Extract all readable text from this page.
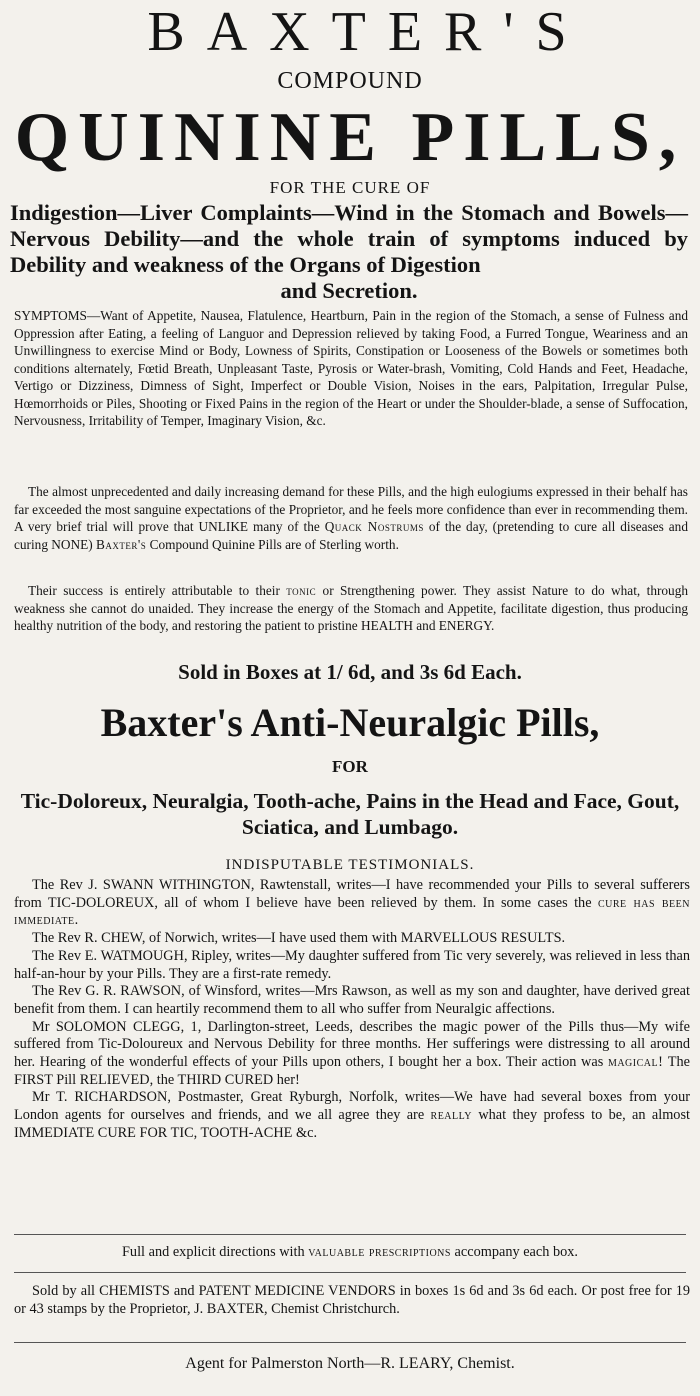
BAXTER'S
COMPOUND
QUININE PILLS,
FOR THE CURE OF
Indigestion—Liver Complaints—Wind in the Stomach and Bowels—Nervous Debility—and the whole train of symptoms induced by Debility and weakness of the Organs of Digestion
and Secretion.
SYMPTOMS—Want of Appetite, Nausea, Flatulence, Heartburn, Pain in the region of the Stomach, a sense of Fulness and Oppression after Eating, a feeling of Languor and Depression relieved by taking Food, a Furred Tongue, Weariness and an Unwillingness to exercise Mind or Body, Lowness of Spirits, Constipation or Looseness of the Bowels or sometimes both conditions alternately, Fœtid Breath, Unpleasant Taste, Pyrosis or Water-brash, Vomiting, Cold Hands and Feet, Headache, Vertigo or Dizziness, Dimness of Sight, Imperfect or Double Vision, Noises in the ears, Palpitation, Irregular Pulse, Hœmorrhoids or Piles, Shooting or Fixed Pains in the region of the Heart or under the Shoulder-blade, a sense of Suffocation, Nervousness, Irritability of Temper, Imaginary Vision, &c.
The almost unprecedented and daily increasing demand for these Pills, and the high eulogiums expressed in their behalf has far exceeded the most sanguine expectations of the Proprietor, and he feels more confidence than ever in recommending them. A very brief trial will prove that UNLIKE many of the Quack Nostrums of the day, (pretending to cure all diseases and curing NONE) Baxter's Compound Quinine Pills are of Sterling worth.
Their success is entirely attributable to their tonic or Strengthening power. They assist Nature to do what, through weakness she cannot do unaided. They increase the energy of the Stomach and Appetite, facilitate digestion, thus producing healthy nutrition of the body, and restoring the patient to pristine HEALTH and ENERGY.
Sold in Boxes at 1/ 6d, and 3s 6d Each.
Baxter's Anti-Neuralgic Pills,
FOR
Tic-Doloreux, Neuralgia, Tooth-ache, Pains in the Head and Face, Gout, Sciatica, and Lumbago.
INDISPUTABLE TESTIMONIALS.

The Rev J. SWANN WITHINGTON, Rawtenstall, writes—I have recommended your Pills to several sufferers from TIC-DOLOREUX, all of whom I believe have been relieved by them. In some cases the cure has been immediate.

The Rev R. CHEW, of Norwich, writes—I have used them with MARVELLOUS RESULTS.

The Rev E. WATMOUGH, Ripley, writes—My daughter suffered from Tic very severely, was relieved in less than half-an-hour by your Pills. They are a first-rate remedy.

The Rev G. R. RAWSON, of Winsford, writes—Mrs Rawson, as well as my son and daughter, have derived great benefit from them. I can heartily recommend them to all who suffer from Neuralgic affections.

Mr SOLOMON CLEGG, 1, Darlington-street, Leeds, describes the magic power of the Pills thus—My wife suffered from Tic-Doloureux and Nervous Debility for three months. Her sufferings were distressing to all around her. Hearing of the wonderful effects of your Pills upon others, I bought her a box. Their action was magical! The FIRST Pill RELIEVED, the THIRD CURED her!

Mr T. RICHARDSON, Postmaster, Great Ryburgh, Norfolk, writes—We have had several boxes from your London agents for ourselves and friends, and we all agree they are really what they profess to be, an almost IMMEDIATE CURE FOR TIC, TOOTH-ACHE &c.

Full and explicit directions with valuable prescriptions accompany each box.
Sold by all CHEMISTS and PATENT MEDICINE VENDORS in boxes 1s 6d and 3s 6d each. Or post free for 19 or 43 stamps by the Proprietor, J. BAXTER, Chemist Christchurch.
Agent for Palmerston North—R. LEARY, Chemist.
